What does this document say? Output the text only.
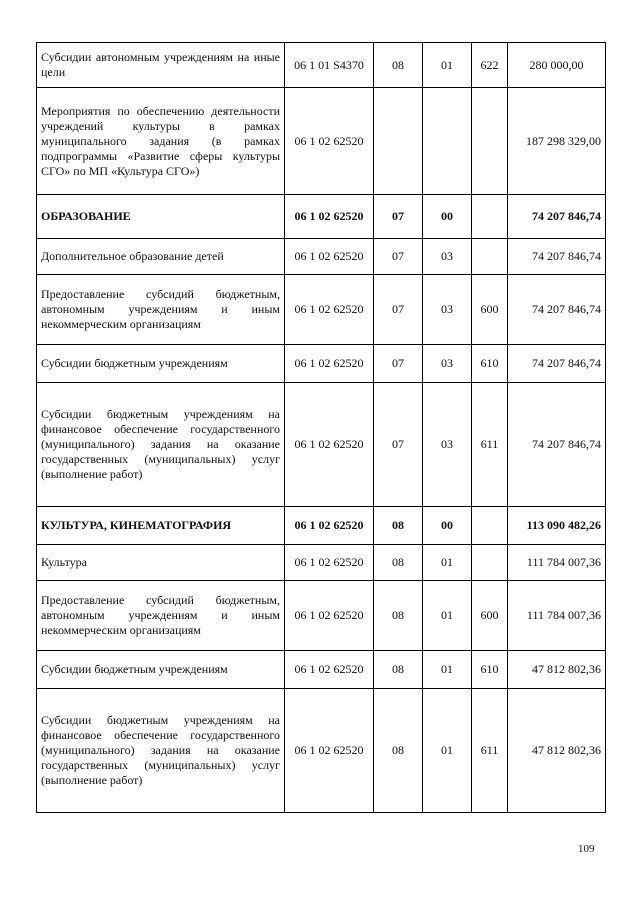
Субсидии автономным учреждениям на иные цели	06 1 01 S4370	08	01	622	280 000,00
Мероприятия по обеспечению деятельности учреждений культуры в рамках муниципального задания (в рамках подпрограммы «Развитие сферы культуры СГО» по МП «Культура СГО»)	06 1 02 62520				187 298 329,00
ОБРАЗОВАНИЕ	06 1 02 62520	07	00		74 207 846,74
Дополнительное образование детей	06 1 02 62520	07	03		74 207 846,74
Предоставление субсидий бюджетным, автономным учреждениям и иным некоммерческим организациям	06 1 02 62520	07	03	600	74 207 846,74
Субсидии бюджетным учреждениям	06 1 02 62520	07	03	610	74 207 846,74
Субсидии бюджетным учреждениям на финансовое обеспечение государственного (муниципального) задания на оказание государственных (муниципальных) услуг (выполнение работ)	06 1 02 62520	07	03	611	74 207 846,74
КУЛЬТУРА, КИНЕМАТОГРАФИЯ	06 1 02 62520	08	00		113 090 482,26
Культура	06 1 02 62520	08	01		111 784 007,36
Предоставление субсидий бюджетным, автономным учреждениям и иным некоммерческим организациям	06 1 02 62520	08	01	600	111 784 007,36
Субсидии бюджетным учреждениям	06 1 02 62520	08	01	610	47 812 802,36
Субсидии бюджетным учреждениям на финансовое обеспечение государственного (муниципального) задания на оказание государственных (муниципальных) услуг (выполнение работ)	06 1 02 62520	08	01	611	47 812 802,36
109
